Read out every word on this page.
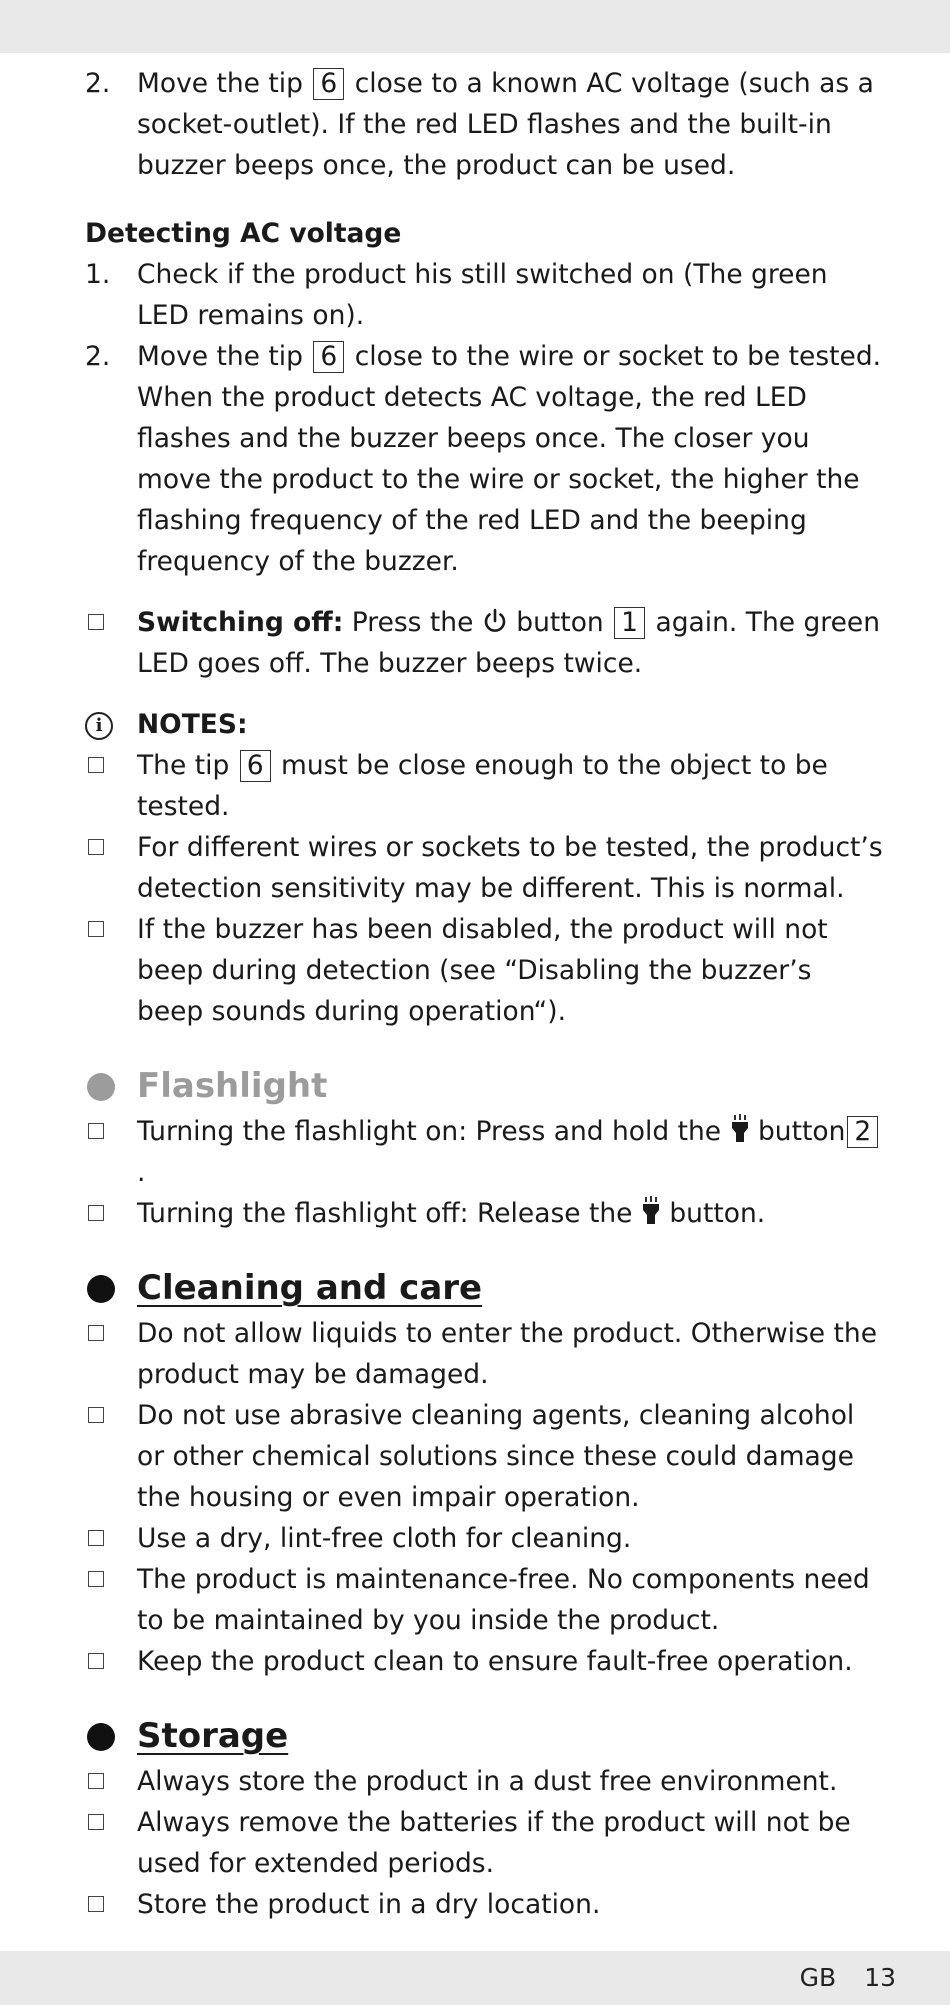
2. Move the tip 6 close to a known AC voltage (such as a socket-outlet). If the red LED flashes and the built-in buzzer beeps once, the product can be used.
Detecting AC voltage
1. Check if the product his still switched on (The green LED remains on).
2. Move the tip 6 close to the wire or socket to be tested. When the product detects AC voltage, the red LED flashes and the buzzer beeps once. The closer you move the product to the wire or socket, the higher the flashing frequency of the red LED and the beeping frequency of the buzzer.
Switching off: Press the button 1 again. The green LED goes off. The buzzer beeps twice.
i	NOTES:
The tip 6 must be close enough to the object to be tested.
For different wires or sockets to be tested, the product’s detection sensitivity may be different. This is normal.
If the buzzer has been disabled, the product will not beep during detection (see “Disabling the buzzer’s beep sounds during operation“).
Flashlight
Turning the flashlight on: Press and hold the button 2.
Turning the flashlight off: Release the button.
Cleaning and care
Do not allow liquids to enter the product. Otherwise the product may be damaged.
Do not use abrasive cleaning agents, cleaning alcohol or other chemical solutions since these could damage the housing or even impair operation.
Use a dry, lint-free cloth for cleaning.
The product is maintenance-free. No components need to be maintained by you inside the product.
Keep the product clean to ensure fault-free operation.
Storage
Always store the product in a dust free environment.
Always remove the batteries if the product will not be used for extended periods.
Store the product in a dry location.
GB 13
